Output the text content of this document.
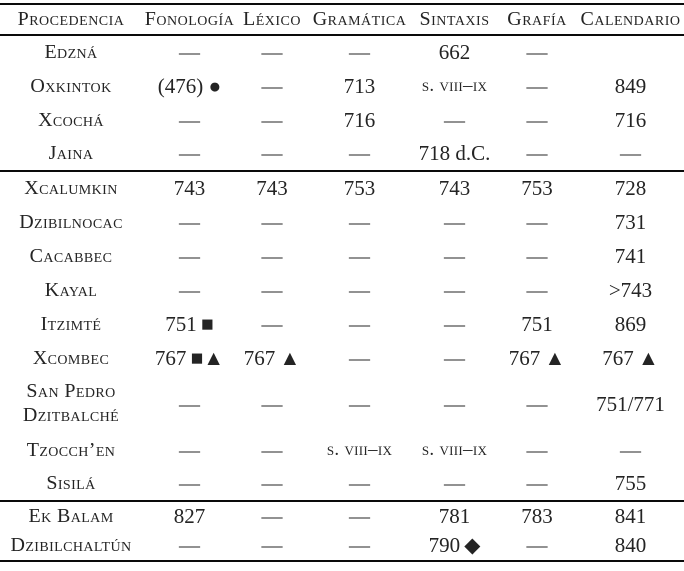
Procedencia	Fonología	Léxico	Gramática	Sintaxis	Grafía	Calendario
Edzná	—	—	—	662	—	
Oxkintok	(476) ●	—	713	s. viii–ix	—	849
Xcochá	—	—	716	—	—	716
Jaina	—	—	—	718 d.C.	—	—
Xcalumkin	743	743	753	743	753	728
Dzibilnocac	—	—	—	—	—	731
Cacabbec	—	—	—	—	—	741
Kayal	—	—	—	—	—	>743
Itzimté	751 ■	—	—	—	751	869
Xcombec	767 ■▲	767 ▲	—	—	767 ▲	767 ▲
San Pedro Dzitbalché	—	—	—	—	—	751/771
Tzocch’en	—	—	s. viii–ix	s. viii–ix	—	—
Sisilá	—	—	—	—	—	755
Ek Balam	827	—	—	781	783	841
Dzibilchaltún	—	—	—	790 ◆	—	840
